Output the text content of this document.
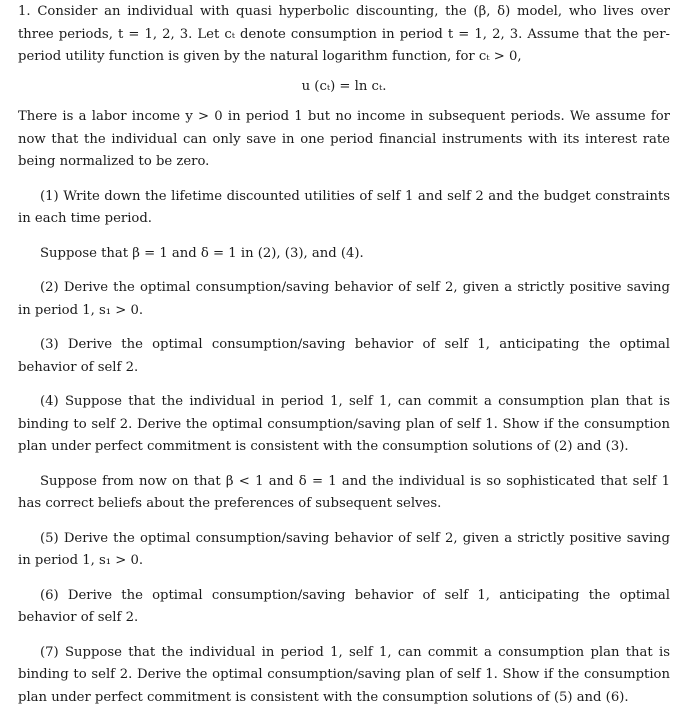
1. Consider an individual with quasi hyperbolic discounting, the (β, δ) model, who lives over three periods, t = 1, 2, 3. Let cₜ denote consumption in period t = 1, 2, 3. Assume that the per-period utility function is given by the natural logarithm function, for cₜ > 0,

u (cₜ) = ln cₜ.

There is a labor income y > 0 in period 1 but no income in subsequent periods. We assume for now that the individual can only save in one period financial instruments with its interest rate being normalized to be zero.

(1) Write down the lifetime discounted utilities of self 1 and self 2 and the budget constraints in each time period.

Suppose that β = 1 and δ = 1 in (2), (3), and (4).

(2) Derive the optimal consumption/saving behavior of self 2, given a strictly positive saving in period 1, s₁ > 0.

(3) Derive the optimal consumption/saving behavior of self 1, anticipating the optimal behavior of self 2.

(4) Suppose that the individual in period 1, self 1, can commit a consumption plan that is binding to self 2. Derive the optimal consumption/saving plan of self 1. Show if the consumption plan under perfect commitment is consistent with the consumption solutions of (2) and (3).

Suppose from now on that β < 1 and δ = 1 and the individual is so sophisticated that self 1 has correct beliefs about the preferences of subsequent selves.

(5) Derive the optimal consumption/saving behavior of self 2, given a strictly positive saving in period 1, s₁ > 0.

(6) Derive the optimal consumption/saving behavior of self 1, anticipating the optimal behavior of self 2.

(7) Suppose that the individual in period 1, self 1, can commit a consumption plan that is binding to self 2. Derive the optimal consumption/saving plan of self 1. Show if the consumption plan under perfect commitment is consistent with the consumption solutions of (5) and (6).
